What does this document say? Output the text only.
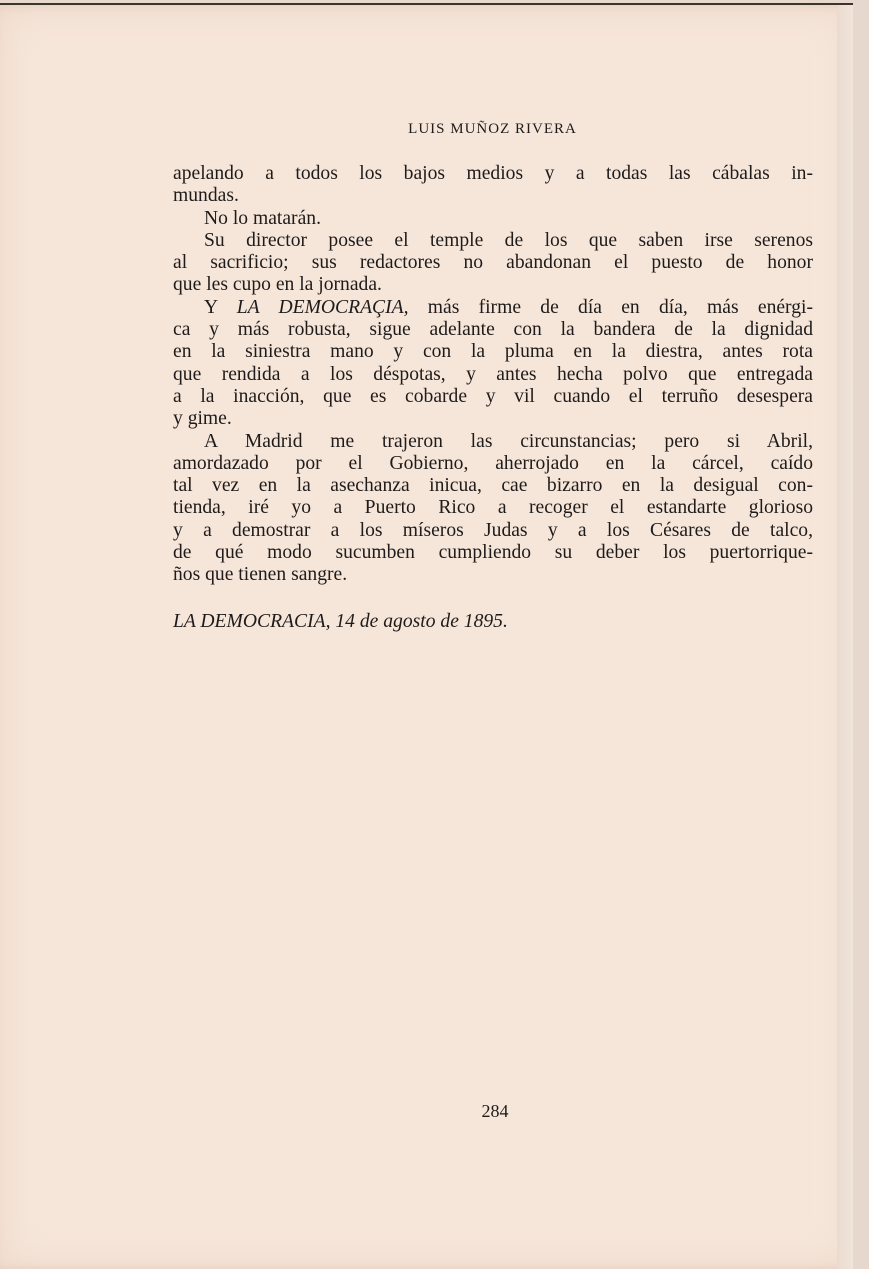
LUIS MUÑOZ RIVERA
apelando a todos los bajos medios y a todas las cábalas in-
mundas.
No lo matarán.
Su director posee el temple de los que saben irse serenos
al sacrificio; sus redactores no abandonan el puesto de honor
que les cupo en la jornada.
Y LA DEMOCRAÇIA, más firme de día en día, más enérgi-
ca y más robusta, sigue adelante con la bandera de la dignidad
en la siniestra mano y con la pluma en la diestra, antes rota
que rendida a los déspotas, y antes hecha polvo que entregada
a la inacción, que es cobarde y vil cuando el terruño desespera
y gime.
A Madrid me trajeron las circunstancias; pero si Abril,
amordazado por el Gobierno, aherrojado en la cárcel, caído
tal vez en la asechanza inicua, cae bizarro en la desigual con-
tienda, iré yo a Puerto Rico a recoger el estandarte glorioso
y a demostrar a los míseros Judas y a los Césares de talco,
de qué modo sucumben cumpliendo su deber los puertorrique-
ños que tienen sangre.
LA DEMOCRACIA, 14 de agosto de 1895.
284
